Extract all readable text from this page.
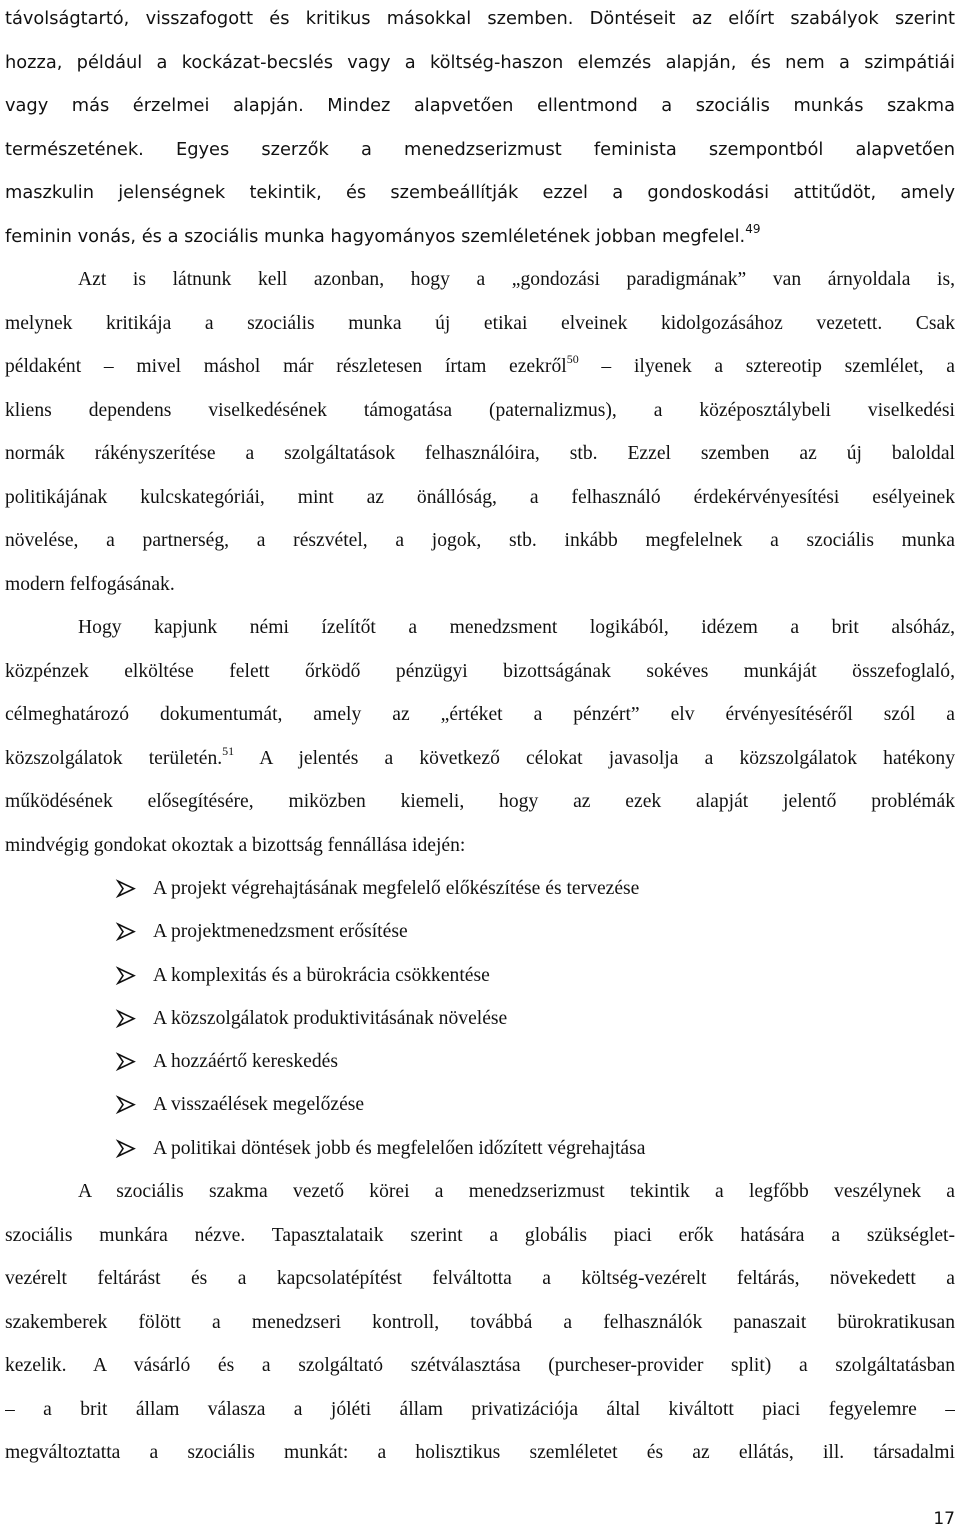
távolságtartó, visszafogott és kritikus másokkal szemben. Döntéseit az előírt szabályok szerint
hozza, például a kockázat-becslés vagy a költség-haszon elemzés alapján, és nem a szimpátiái
vagy más érzelmei alapján. Mindez alapvetően ellentmond a szociális munkás szakma
természetének. Egyes szerzők a menedzserizmust feminista szempontból alapvetően
maszkulin jelenségnek tekintik, és szembeállítják ezzel a gondoskodási attitűdöt, amely
feminin vonás, és a szociális munka hagyományos szemléletének jobban megfelel.$^{49}$
Azt is látnunk kell azonban, hogy a „gondozási paradigmának” van árnyoldala is,
melynek kritikája a szociális munka új etikai elveinek kidolgozásához vezetett. Csak
példaként – mivel máshol már részletesen írtam ezekről$^{50}$ – ilyenek a sztereotip szemlélet, a
kliens dependens viselkedésének támogatása (paternalizmus), a középosztálybeli viselkedési
normák rákényszerítése a szolgáltatások felhasználóira, stb. Ezzel szemben az új baloldal
politikájának kulcskategóriái, mint az önállóság, a felhasználó érdekérvényesítési esélyeinek
növelése, a partnerség, a részvétel, a jogok, stb. inkább megfelelnek a szociális munka
modern felfogásának.
Hogy kapjunk némi ízelítőt a menedzsment logikából, idézem a brit alsóház,
közpénzek elköltése felett őrködő pénzügyi bizottságának sokéves munkáját összefoglaló,
célmeghatározó dokumentumát, amely az „értéket a pénzért” elv érvényesítéséről szól a
közszolgálatok területén.$^{51}$ A jelentés a következő célokat javasolja a közszolgálatok hatékony
működésének elősegítésére, miközben kiemeli, hogy az ezek alapját jelentő problémák
mindvégig gondokat okoztak a bizottság fennállása idején:
A projekt végrehajtásának megfelelő előkészítése és tervezése
A projektmenedzsment erősítése
A komplexitás és a bürokrácia csökkentése
A közszolgálatok produktivitásának növelése
A hozzáértő kereskedés
A visszaélések megelőzése
A politikai döntések jobb és megfelelően időzített végrehajtása
A szociális szakma vezető körei a menedzserizmust tekintik a legfőbb veszélynek a
szociális munkára nézve. Tapasztalataik szerint a globális piaci erők hatására a szükséglet-
vezérelt feltárást és a kapcsolatépítést felváltotta a költség-vezérelt feltárás, növekedett a
szakemberek fölött a menedzseri kontroll, továbbá a felhasználók panaszait bürokratikusan
kezelik. A vásárló és a szolgáltató szétválasztása (purcheser-provider split) a szolgáltatásban
– a brit állam válasza a jóléti állam privatizációja által kiváltott piaci fegyelemre –
megváltoztatta a szociális munkát: a holisztikus szemléletet és az ellátás, ill. társadalmi
17
